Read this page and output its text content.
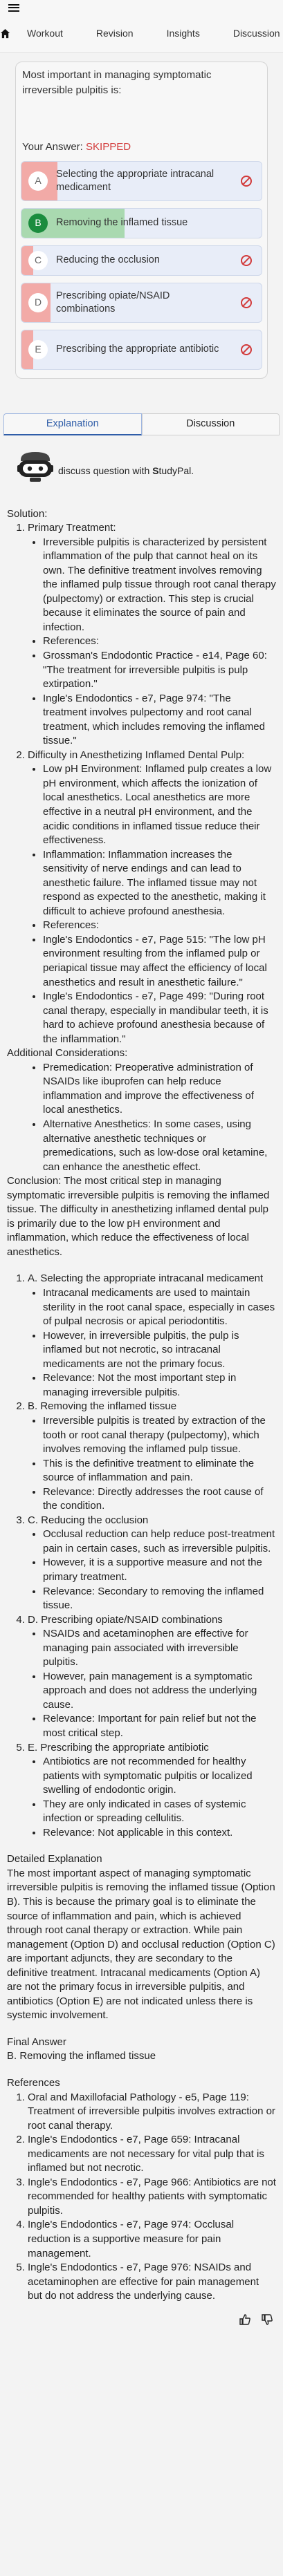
Workout	Revision	Insights	Discussion
Most important in managing symptomatic irreversible pulpitis is:
Your Answer: SKIPPED
A
Selecting the appropriate intracanal medicament
B	Removing the inflamed tissue
C	Reducing the occlusion
D
Prescribing opiate/NSAID combinations
E	Prescribing the appropriate antibiotic
Explanation	Discussion
discuss question with StudyPal.

Solution:

1. Primary Treatment:
• Irreversible pulpitis is characterized by persistent inflammation of the pulp that cannot heal on its own. The definitive treatment involves removing the inflamed pulp tissue through root canal therapy (pulpectomy) or extraction. This step is crucial because it eliminates the source of pain and infection.
• References:
• Grossman's Endodontic Practice - e14, Page 60: "The treatment for irreversible pulpitis is pulp extirpation."
• Ingle's Endodontics - e7, Page 974: "The treatment involves pulpectomy and root canal treatment, which includes removing the inflamed tissue."
2. Difficulty in Anesthetizing Inflamed Dental Pulp:
• Low pH Environment: Inflamed pulp creates a low pH environment, which affects the ionization of local anesthetics. Local anesthetics are more effective in a neutral pH environment, and the acidic conditions in inflamed tissue reduce their effectiveness.
• Inflammation: Inflammation increases the sensitivity of nerve endings and can lead to anesthetic failure. The inflamed tissue may not respond as expected to the anesthetic, making it difficult to achieve profound anesthesia.
• References:
• Ingle's Endodontics - e7, Page 515: "The low pH environment resulting from the inflamed pulp or periapical tissue may affect the efficiency of local anesthetics and result in anesthetic failure."
• Ingle's Endodontics - e7, Page 499: "During root canal therapy, especially in mandibular teeth, it is hard to achieve profound anesthesia because of the inflammation."

Additional Considerations:

• Premedication: Preoperative administration of NSAIDs like ibuprofen can help reduce inflammation and improve the effectiveness of local anesthetics.
• Alternative Anesthetics: In some cases, using alternative anesthetic techniques or premedications, such as low-dose oral ketamine, can enhance the anesthetic effect.

Conclusion: The most critical step in managing symptomatic irreversible pulpitis is removing the inflamed tissue. The difficulty in anesthetizing inflamed dental pulp is primarily due to the low pH environment and inflammation, which reduce the effectiveness of local anesthetics.

1. A. Selecting the appropriate intracanal medicament
• Intracanal medicaments are used to maintain sterility in the root canal space, especially in cases of pulpal necrosis or apical periodontitis.
• However, in irreversible pulpitis, the pulp is inflamed but not necrotic, so intracanal medicaments are not the primary focus.
• Relevance: Not the most important step in managing irreversible pulpitis.
2. B. Removing the inflamed tissue
• Irreversible pulpitis is treated by extraction of the tooth or root canal therapy (pulpectomy), which involves removing the inflamed pulp tissue.
• This is the definitive treatment to eliminate the source of inflammation and pain.
• Relevance: Directly addresses the root cause of the condition.
3. C. Reducing the occlusion
• Occlusal reduction can help reduce post-treatment pain in certain cases, such as irreversible pulpitis.
• However, it is a supportive measure and not the primary treatment.
• Relevance: Secondary to removing the inflamed tissue.
4. D. Prescribing opiate/NSAID combinations
• NSAIDs and acetaminophen are effective for managing pain associated with irreversible pulpitis.
• However, pain management is a symptomatic approach and does not address the underlying cause.
• Relevance: Important for pain relief but not the most critical step.
5. E. Prescribing the appropriate antibiotic
• Antibiotics are not recommended for healthy patients with symptomatic pulpitis or localized swelling of endodontic origin.
• They are only indicated in cases of systemic infection or spreading cellulitis.
• Relevance: Not applicable in this context.

Detailed Explanation

The most important aspect of managing symptomatic irreversible pulpitis is removing the inflamed tissue (Option B). This is because the primary goal is to eliminate the source of inflammation and pain, which is achieved through root canal therapy or extraction. While pain management (Option D) and occlusal reduction (Option C) are important adjuncts, they are secondary to the definitive treatment. Intracanal medicaments (Option A) are not the primary focus in irreversible pulpitis, and antibiotics (Option E) are not indicated unless there is systemic involvement.

Final Answer

B. Removing the inflamed tissue

References

1. Oral and Maxillofacial Pathology - e5, Page 119: Treatment of irreversible pulpitis involves extraction or root canal therapy.
2. Ingle's Endodontics - e7, Page 659: Intracanal medicaments are not necessary for vital pulp that is inflamed but not necrotic.
3. Ingle's Endodontics - e7, Page 966: Antibiotics are not recommended for healthy patients with symptomatic pulpitis.
4. Ingle's Endodontics - e7, Page 974: Occlusal reduction is a supportive measure for pain management.
5. Ingle's Endodontics - e7, Page 976: NSAIDs and acetaminophen are effective for pain management but do not address the underlying cause.
